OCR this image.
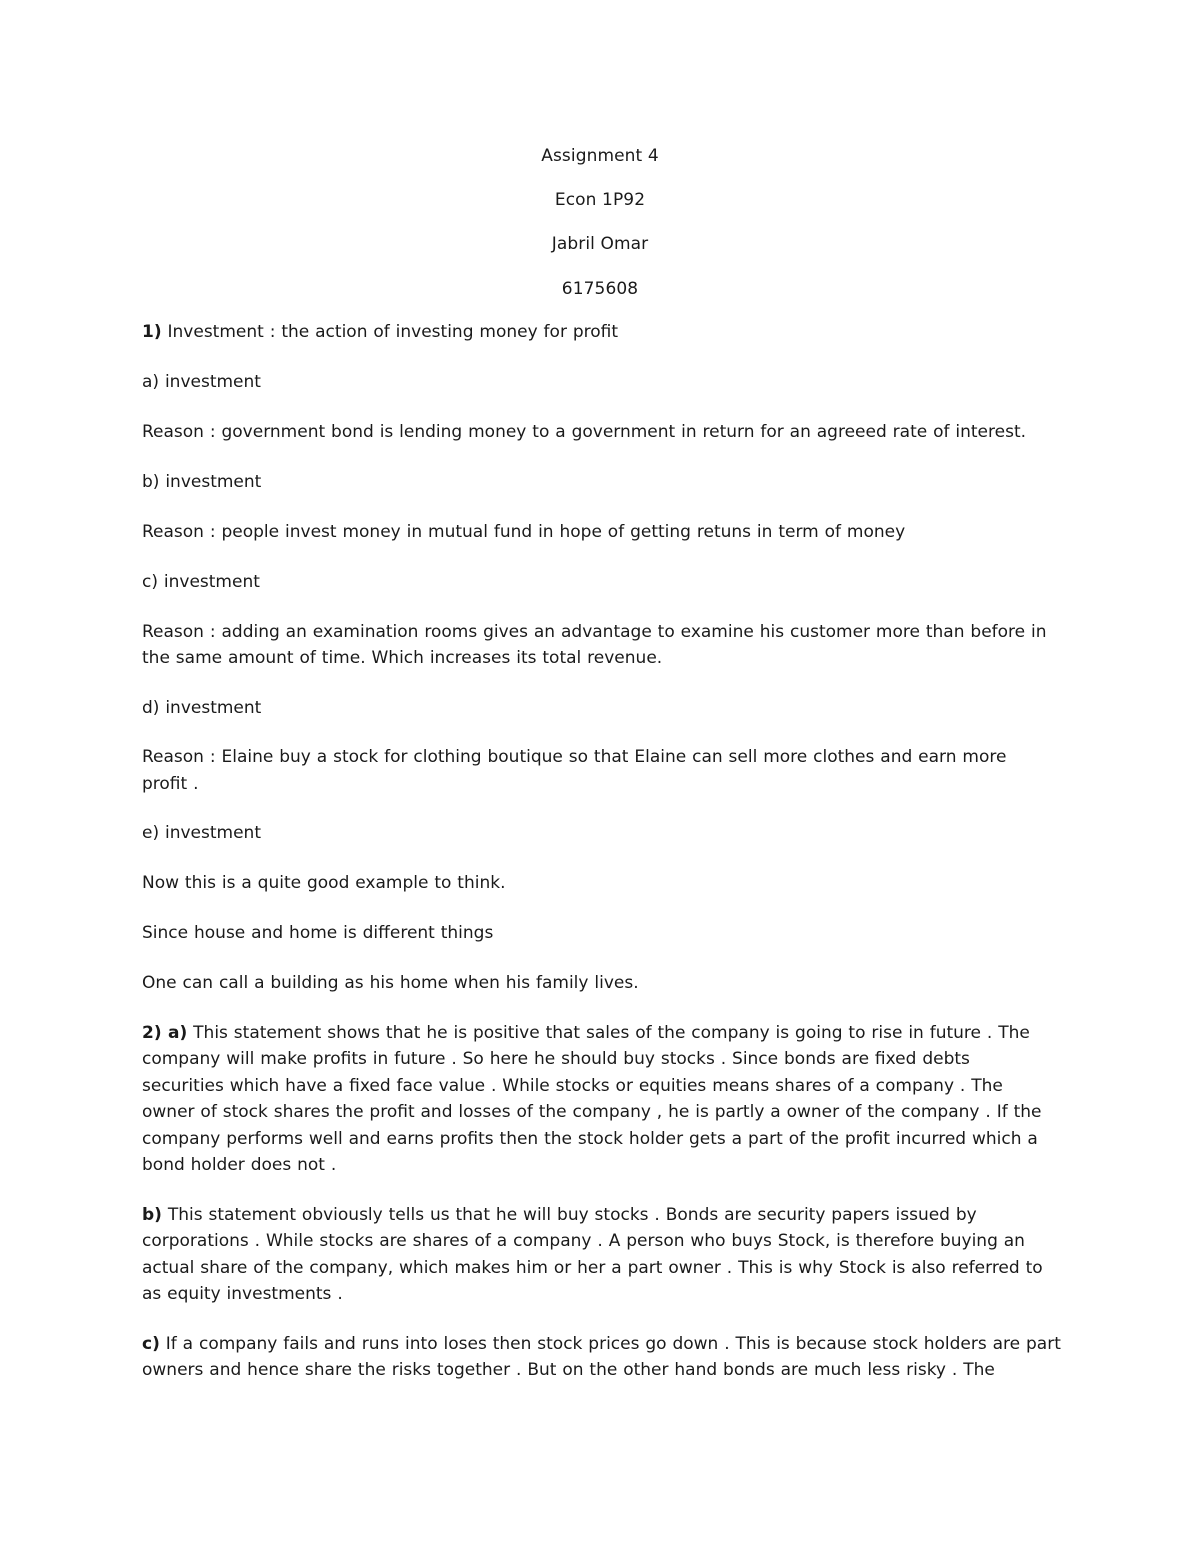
Assignment 4
Econ 1P92
Jabril Omar
6175608
1) Investment : the action of investing money for profit
a) investment
Reason : government bond is lending money to a government in return for an agreeed rate of interest.
b) investment
Reason : people invest money in mutual fund in hope of getting retuns in term of money
c) investment
Reason : adding an examination rooms gives an advantage to examine his customer more than before in
the same amount of time. Which increases its total revenue.
d) investment
Reason : Elaine buy a stock for clothing boutique so that Elaine can sell more clothes and earn more
profit .
e) investment
Now this is a quite good example to think.
Since house and home is different things
One can call a building as his home when his family lives.
2) a) This statement shows that he is positive that sales of the company is going to rise in future . The
company will make profits in future . So here he should buy stocks . Since bonds are fixed debts
securities which have a fixed face value . While stocks or equities means shares of a company . The
owner of stock shares the profit and losses of the company , he is partly a owner of the company . If the
company performs well and earns profits then the stock holder gets a part of the profit incurred which a
bond holder does not .
b) This statement obviously tells us that he will buy stocks . Bonds are security papers issued by
corporations . While stocks are shares of a company . A person who buys Stock, is therefore buying an
actual share of the company, which makes him or her a part owner . This is why Stock is also referred to
as equity investments .
c) If a company fails and runs into loses then stock prices go down . This is because stock holders are part
owners and hence share the risks together . But on the other hand bonds are much less risky . The
